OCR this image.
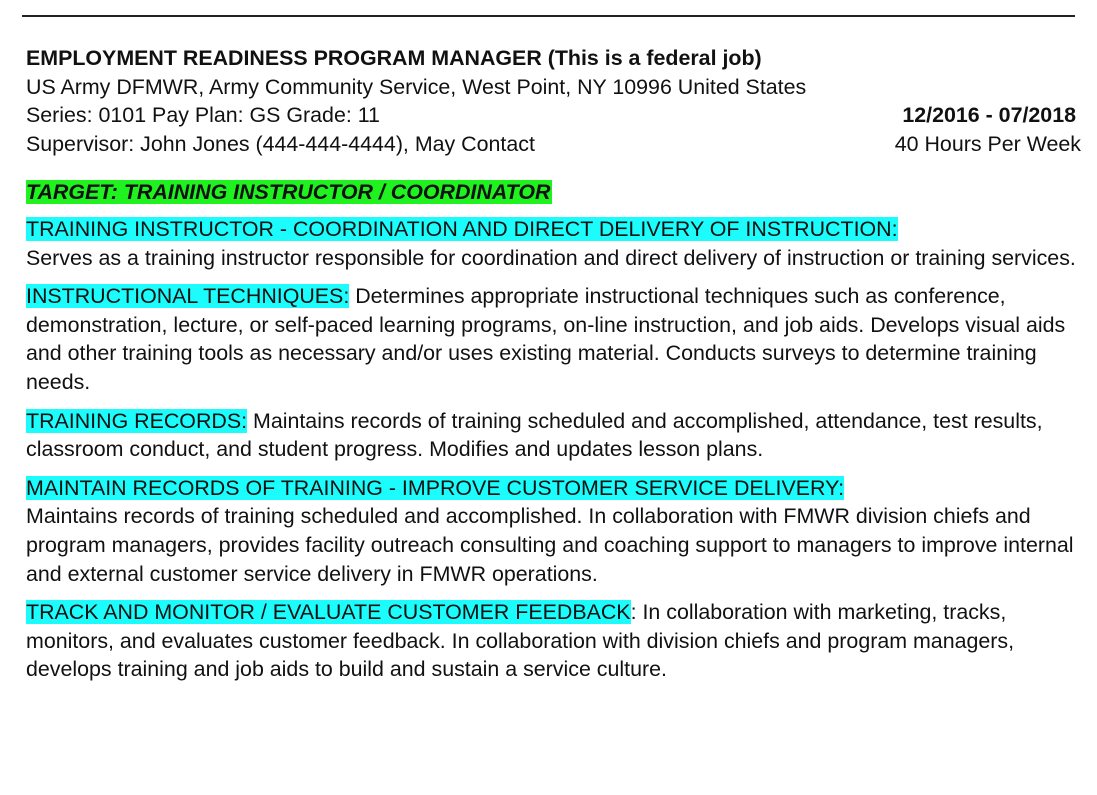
EMPLOYMENT READINESS PROGRAM MANAGER (This is a federal job)
US Army DFMWR, Army Community Service, West Point, NY 10996 United States
Series: 0101 Pay Plan: GS Grade: 11	12/2016 - 07/2018
Supervisor: John Jones (444-444-4444), May Contact	40 Hours Per Week
TARGET: TRAINING INSTRUCTOR / COORDINATOR
TRAINING INSTRUCTOR - COORDINATION AND DIRECT DELIVERY OF INSTRUCTION:
Serves as a training instructor responsible for coordination and direct delivery of instruction or training services.
INSTRUCTIONAL TECHNIQUES: Determines appropriate instructional techniques such as conference, demonstration, lecture, or self-paced learning programs, on-line instruction, and job aids. Develops visual aids and other training tools as necessary and/or uses existing material. Conducts surveys to determine training needs.
TRAINING RECORDS: Maintains records of training scheduled and accomplished, attendance, test results, classroom conduct, and student progress. Modifies and updates lesson plans.
MAINTAIN RECORDS OF TRAINING - IMPROVE CUSTOMER SERVICE DELIVERY:
Maintains records of training scheduled and accomplished. In collaboration with FMWR division chiefs and program managers, provides facility outreach consulting and coaching support to managers to improve internal and external customer service delivery in FMWR operations.
TRACK AND MONITOR / EVALUATE CUSTOMER FEEDBACK: In collaboration with marketing, tracks, monitors, and evaluates customer feedback. In collaboration with division chiefs and program managers, develops training and job aids to build and sustain a service culture.
